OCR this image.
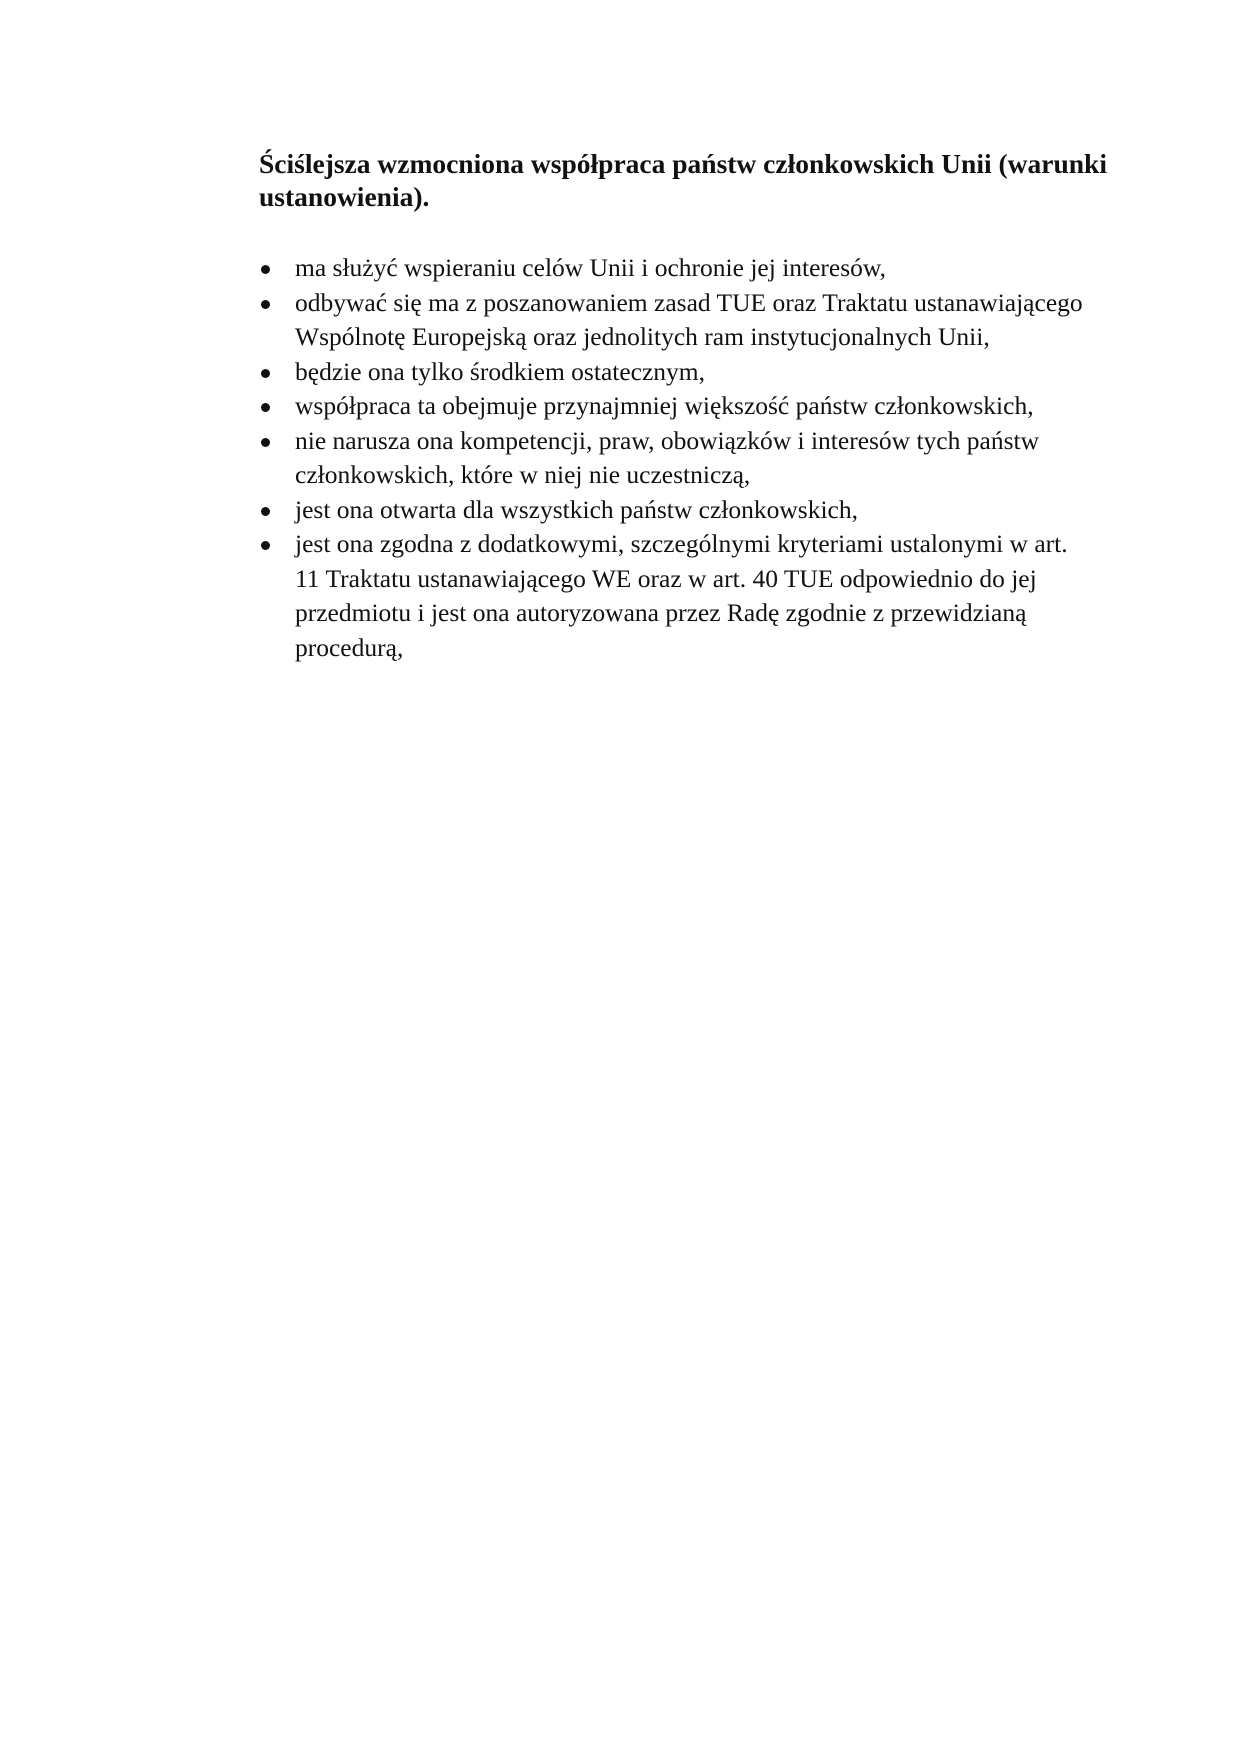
Ściślejsza wzmocniona współpraca państw członkowskich Unii (warunki ustanowienia).
ma służyć wspieraniu celów Unii i ochronie jej interesów,
odbywać się ma z poszanowaniem zasad TUE oraz Traktatu ustanawiającego Wspólnotę Europejską oraz jednolitych ram instytucjonalnych Unii,
będzie ona tylko środkiem ostatecznym,
współpraca ta obejmuje przynajmniej większość państw członkowskich,
nie narusza ona kompetencji, praw, obowiązków i interesów tych państw członkowskich, które w niej nie uczestniczą,
jest ona otwarta dla wszystkich państw członkowskich,
jest ona zgodna z dodatkowymi, szczególnymi kryteriami ustalonymi w art. 11 Traktatu ustanawiającego WE oraz w art. 40 TUE odpowiednio do jej przedmiotu i jest ona autoryzowana przez Radę zgodnie z przewidzianą procedurą,
